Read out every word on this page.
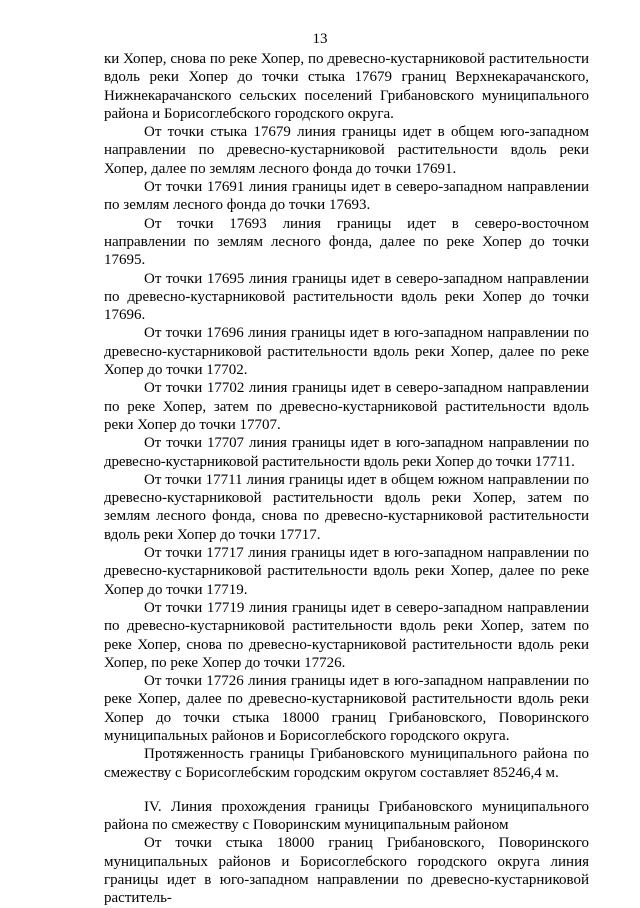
13

ки Хопер, снова по реке Хопер, по древесно-кустарниковой растительности вдоль реки Хопер до точки стыка 17679 границ Верхнекарачанского, Нижнекарачанского сельских поселений Грибановского муниципального района и Борисоглебского городского округа.

От точки стыка 17679 линия границы идет в общем юго-западном направлении по древесно-кустарниковой растительности вдоль реки Хопер, далее по землям лесного фонда до точки 17691.

От точки 17691 линия границы идет в северо-западном направлении по землям лесного фонда до точки 17693.

От точки 17693 линия границы идет в северо-восточном направлении по землям лесного фонда, далее по реке Хопер до точки 17695.

От точки 17695 линия границы идет в северо-западном направлении по древесно-кустарниковой растительности вдоль реки Хопер до точки 17696.

От точки 17696 линия границы идет в юго-западном направлении по древесно-кустарниковой растительности вдоль реки Хопер, далее по реке Хопер до точки 17702.

От точки 17702 линия границы идет в северо-западном направлении по реке Хопер, затем по древесно-кустарниковой растительности вдоль реки Хопер до точки 17707.

От точки 17707 линия границы идет в юго-западном направлении по древесно-кустарниковой растительности вдоль реки Хопер до точки 17711.

От точки 17711 линия границы идет в общем южном направлении по древесно-кустарниковой растительности вдоль реки Хопер, затем по землям лесного фонда, снова по древесно-кустарниковой растительности вдоль реки Хопер до точки 17717.

От точки 17717 линия границы идет в юго-западном направлении по древесно-кустарниковой растительности вдоль реки Хопер, далее по реке Хопер до точки 17719.

От точки 17719 линия границы идет в северо-западном направлении по древесно-кустарниковой растительности вдоль реки Хопер, затем по реке Хопер, снова по древесно-кустарниковой растительности вдоль реки Хопер, по реке Хопер до точки 17726.

От точки 17726 линия границы идет в юго-западном направлении по реке Хопер, далее по древесно-кустарниковой растительности вдоль реки Хопер до точки стыка 18000 границ Грибановского, Поворинского муниципальных районов и Борисоглебского городского округа.

Протяженность границы Грибановского муниципального района по смежеству с Борисоглебским городским округом составляет 85246,4 м.

IV. Линия прохождения границы Грибановского муниципального района по смежеству с Поворинским муниципальным районом

От точки стыка 18000 границ Грибановского, Поворинского муниципальных районов и Борисоглебского городского округа линия границы идет в юго-западном направлении по древесно-кустарниковой раститель-
